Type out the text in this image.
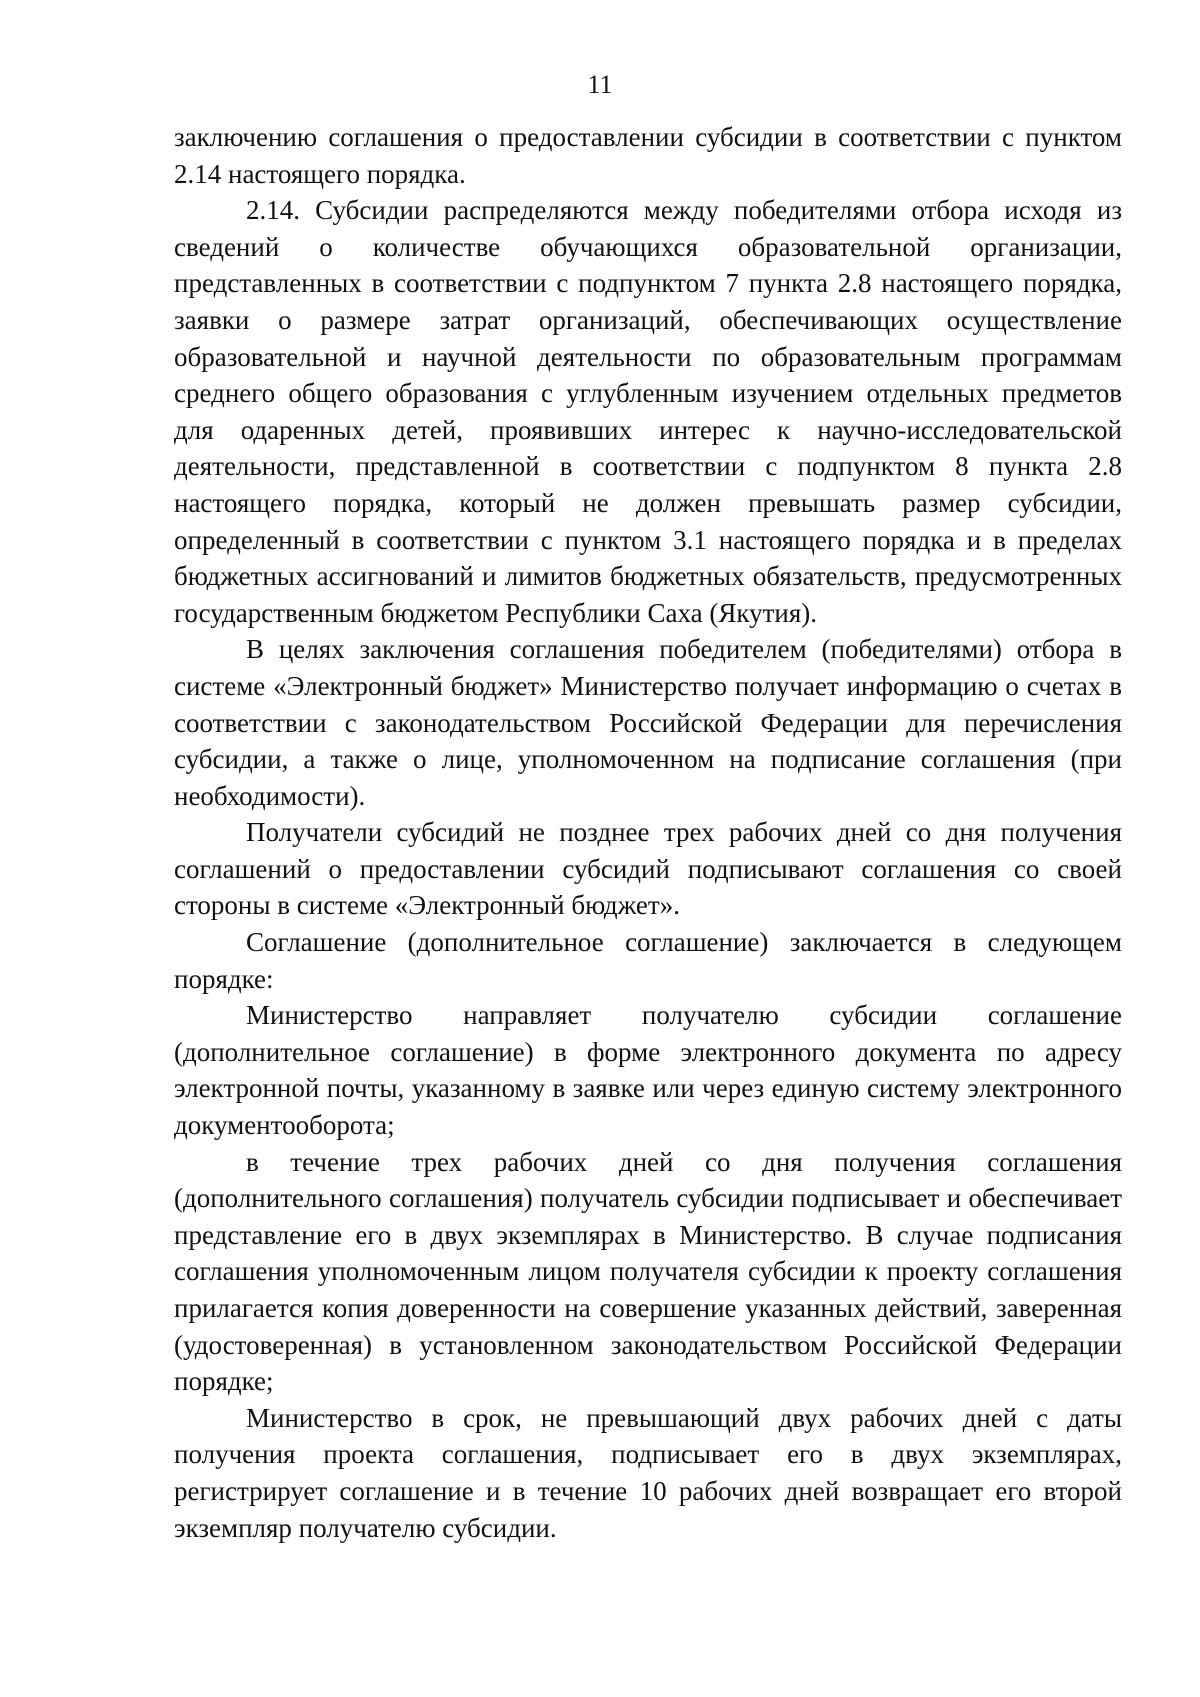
11

заключению соглашения о предоставлении субсидии в соответствии с пунктом 2.14 настоящего порядка.

2.14. Субсидии распределяются между победителями отбора исходя из сведений о количестве обучающихся образовательной организации, представленных в соответствии с подпунктом 7 пункта 2.8 настоящего порядка, заявки о размере затрат организаций, обеспечивающих осуществление образовательной и научной деятельности по образовательным программам среднего общего образования с углубленным изучением отдельных предметов для одаренных детей, проявивших интерес к научно-исследовательской деятельности, представленной в соответствии с подпунктом 8 пункта 2.8 настоящего порядка, который не должен превышать размер субсидии, определенный в соответствии с пунктом 3.1 настоящего порядка и в пределах бюджетных ассигнований и лимитов бюджетных обязательств, предусмотренных государственным бюджетом Республики Саха (Якутия).

В целях заключения соглашения победителем (победителями) отбора в системе «Электронный бюджет» Министерство получает информацию о счетах в соответствии с законодательством Российской Федерации для перечисления субсидии, а также о лице, уполномоченном на подписание соглашения (при необходимости).

Получатели субсидий не позднее трех рабочих дней со дня получения соглашений о предоставлении субсидий подписывают соглашения со своей стороны в системе «Электронный бюджет».

Соглашение (дополнительное соглашение) заключается в следующем порядке:

Министерство направляет получателю субсидии соглашение (дополнительное соглашение) в форме электронного документа по адресу электронной почты, указанному в заявке или через единую систему электронного документооборота;

в течение трех рабочих дней со дня получения соглашения (дополнительного соглашения) получатель субсидии подписывает и обеспечивает представление его в двух экземплярах в Министерство. В случае подписания соглашения уполномоченным лицом получателя субсидии к проекту соглашения прилагается копия доверенности на совершение указанных действий, заверенная (удостоверенная) в установленном законодательством Российской Федерации порядке;

Министерство в срок, не превышающий двух рабочих дней с даты получения проекта соглашения, подписывает его в двух экземплярах, регистрирует соглашение и в течение 10 рабочих дней возвращает его второй экземпляр получателю субсидии.
